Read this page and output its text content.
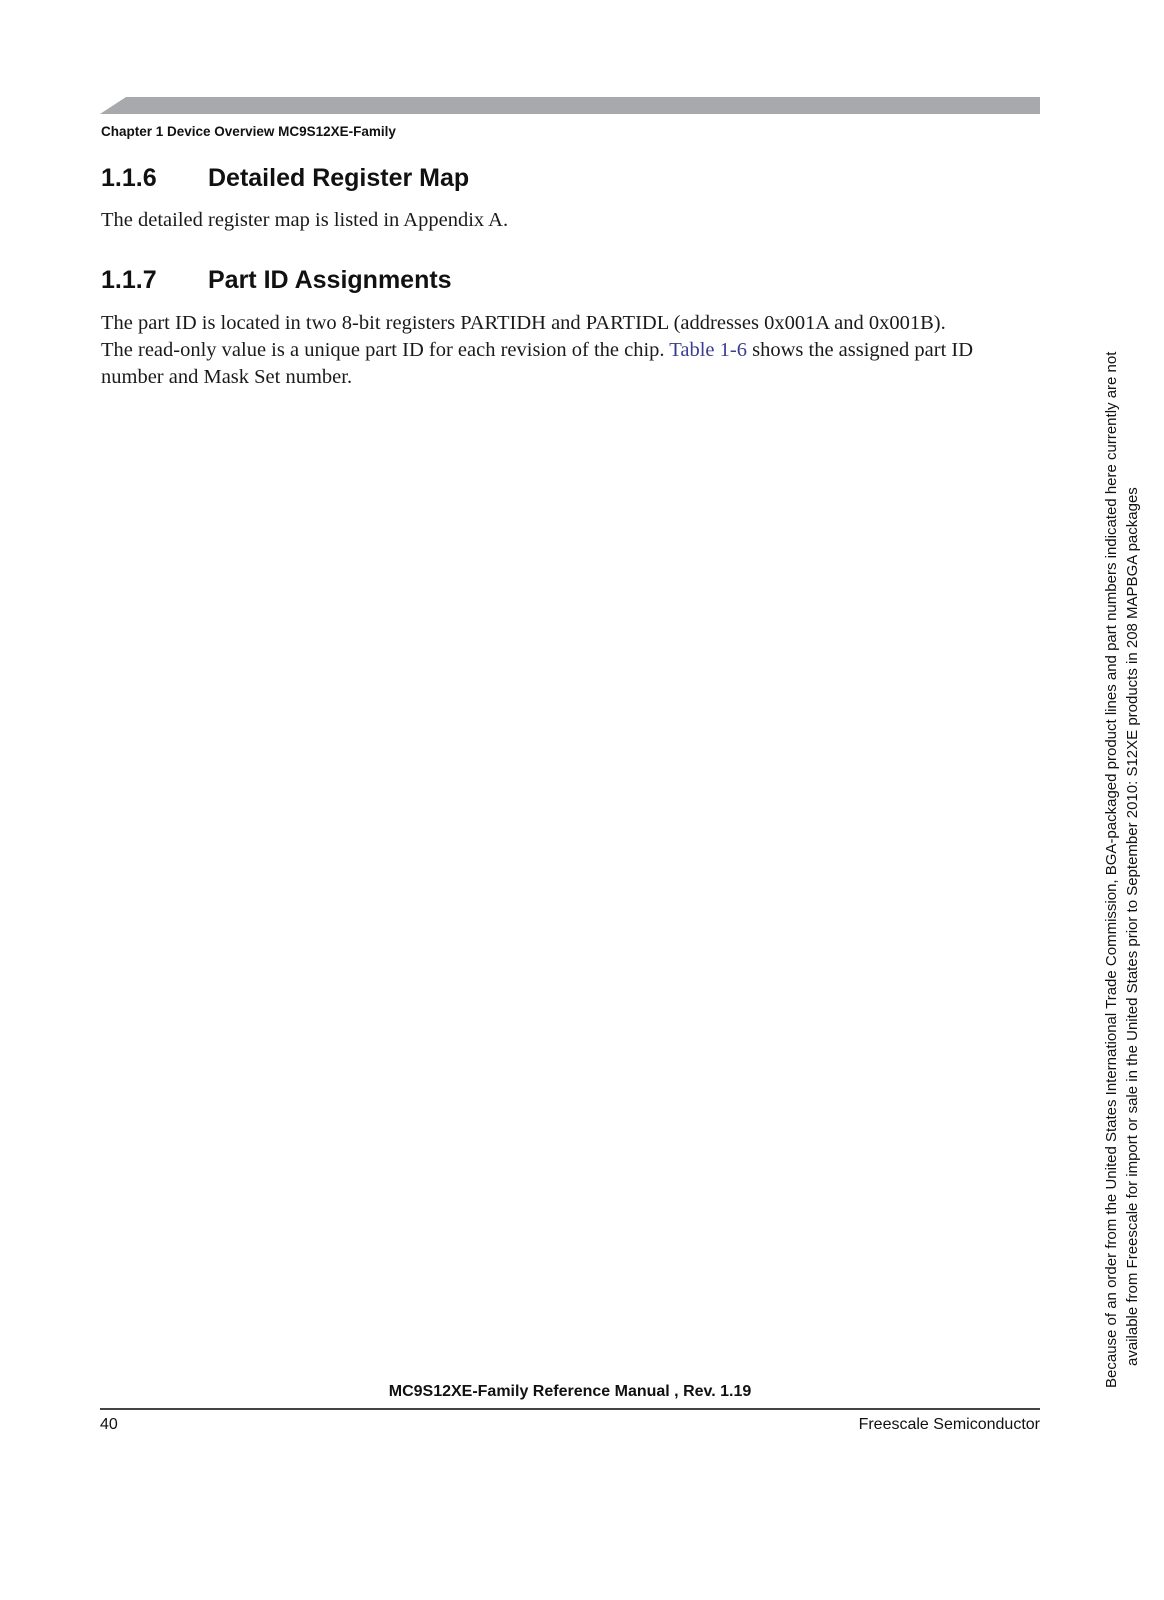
Chapter 1 Device Overview MC9S12XE-Family
1.1.6 Detailed Register Map
The detailed register map is listed in Appendix A.
1.1.7 Part ID Assignments
The part ID is located in two 8-bit registers PARTIDH and PARTIDL (addresses 0x001A and 0x001B).
The read-only value is a unique part ID for each revision of the chip. Table 1-6 shows the assigned part ID
number and Mask Set number.
MC9S12XE-Family Reference Manual , Rev. 1.19
40	Freescale Semiconductor
Because of an order from the United States International Trade Commission, BGA-packaged product lines and part numbers indicated here currently are not available from Freescale for import or sale in the United States prior to September 2010: S12XE products in 208 MAPBGA packages
